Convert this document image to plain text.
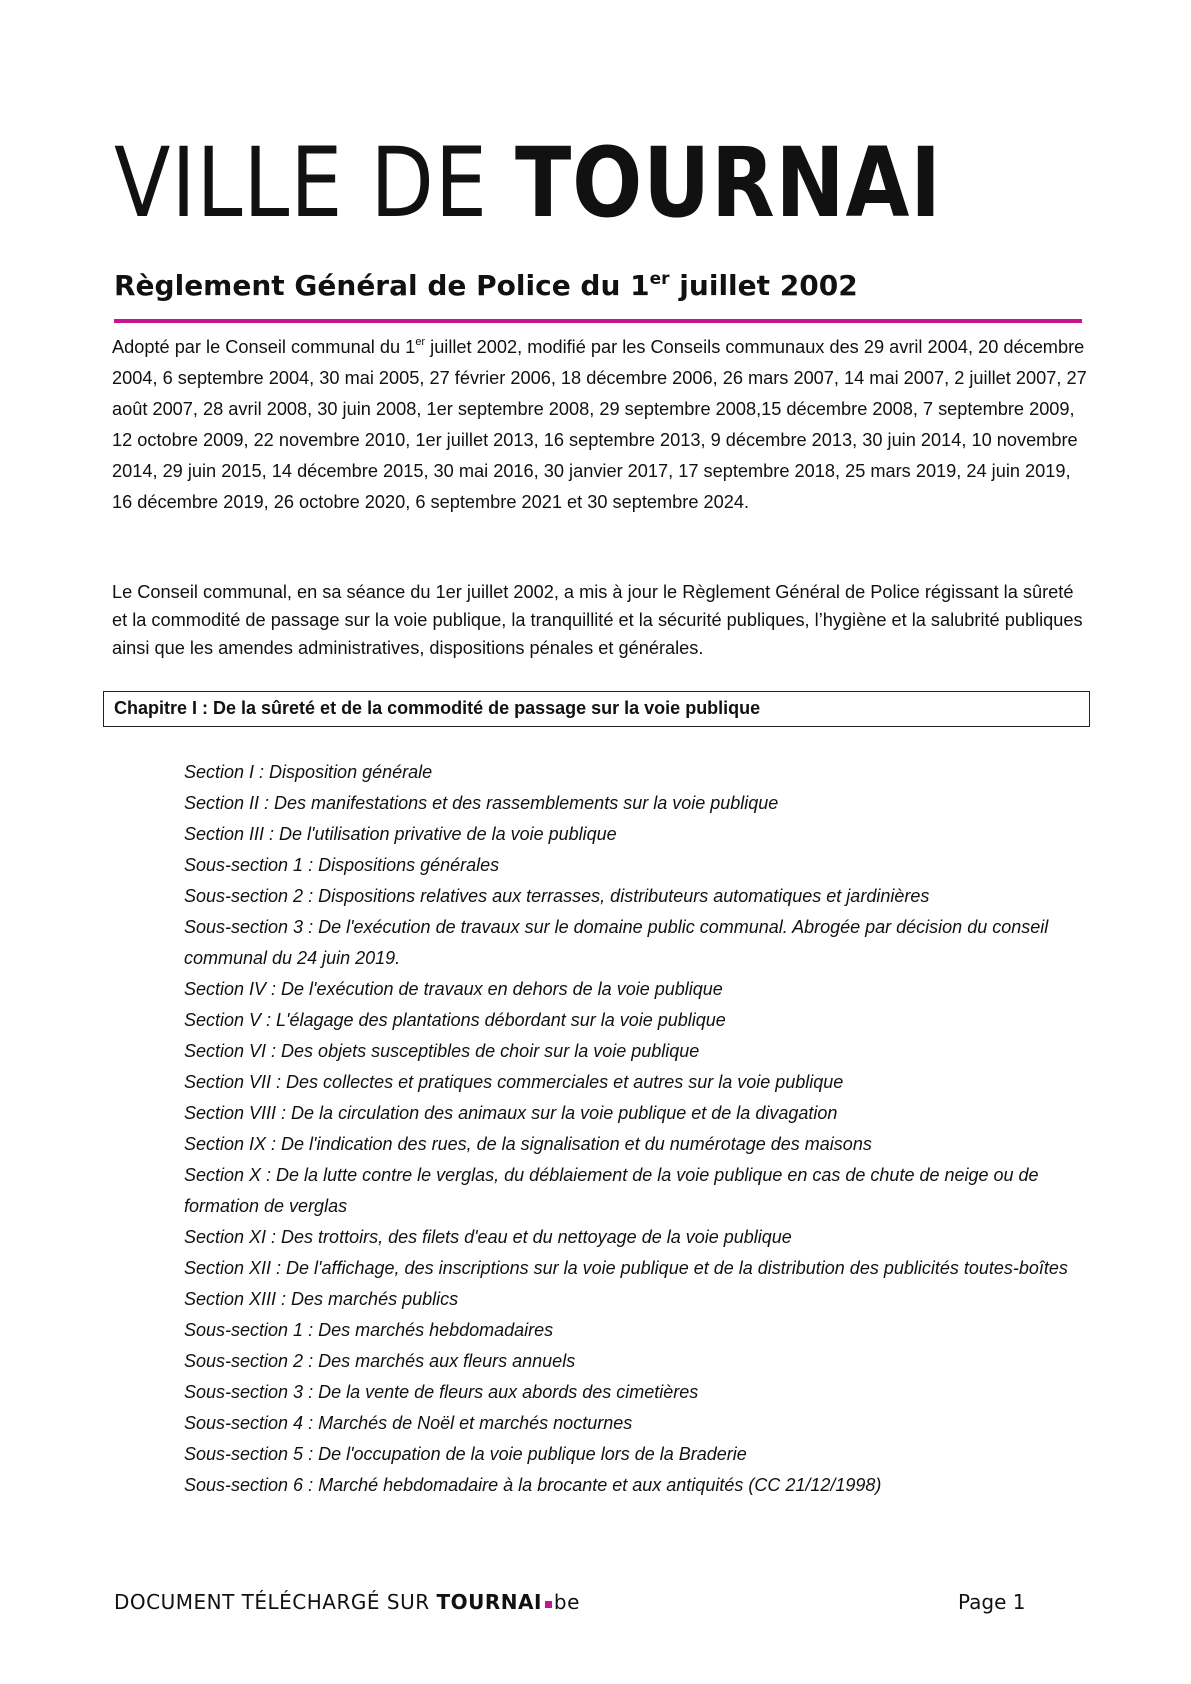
VILLE DE TOURNAI
Règlement Général de Police du 1er juillet 2002

Adopté par le Conseil communal du 1er juillet 2002, modifié par les Conseils communaux des 29 avril 2004, 20 décembre 2004, 6 septembre 2004, 30 mai 2005, 27 février 2006, 18 décembre 2006, 26 mars 2007, 14 mai 2007, 2 juillet 2007, 27 août 2007, 28 avril 2008, 30 juin 2008, 1er septembre 2008, 29 septembre 2008,15 décembre 2008, 7 septembre 2009, 12 octobre 2009, 22 novembre 2010, 1er juillet 2013, 16 septembre 2013, 9 décembre 2013, 30 juin 2014, 10 novembre 2014, 29 juin 2015, 14 décembre 2015, 30 mai 2016, 30 janvier 2017, 17 septembre 2018, 25 mars 2019, 24 juin 2019, 16 décembre 2019, 26 octobre 2020, 6 septembre 2021 et 30 septembre 2024.

Le Conseil communal, en sa séance du 1er juillet 2002, a mis à jour le Règlement Général de Police régissant la sûreté et la commodité de passage sur la voie publique, la tranquillité et la sécurité publiques, l’hygiène et la salubrité publiques ainsi que les amendes administratives, dispositions pénales et générales.

Chapitre I : De la sûreté et de la commodité de passage sur la voie publique
Section I : Disposition générale
Section II : Des manifestations et des rassemblements sur la voie publique
Section III : De l'utilisation privative de la voie publique
Sous-section 1 : Dispositions générales
Sous-section 2 : Dispositions relatives aux terrasses, distributeurs automatiques et jardinières
Sous-section 3 : De l'exécution de travaux sur le domaine public communal. Abrogée par décision du conseil communal du 24 juin 2019.
Section IV : De l'exécution de travaux en dehors de la voie publique
Section V : L'élagage des plantations débordant sur la voie publique
Section VI : Des objets susceptibles de choir sur la voie publique
Section VII : Des collectes et pratiques commerciales et autres sur la voie publique
Section VIII : De la circulation des animaux sur la voie publique et de la divagation
Section IX : De l'indication des rues, de la signalisation et du numérotage des maisons
Section X : De la lutte contre le verglas, du déblaiement de la voie publique en cas de chute de neige ou de formation de verglas
Section XI : Des trottoirs, des filets d'eau et du nettoyage de la voie publique
Section XII : De l'affichage, des inscriptions sur la voie publique et de la distribution des publicités toutes-boîtes
Section XIII : Des marchés publics
Sous-section 1 : Des marchés hebdomadaires
Sous-section 2 : Des marchés aux fleurs annuels
Sous-section 3 : De la vente de fleurs aux abords des cimetières
Sous-section 4 : Marchés de Noël et marchés nocturnes
Sous-section 5 : De l'occupation de la voie publique lors de la Braderie
Sous-section 6 : Marché hebdomadaire à la brocante et aux antiquités (CC 21/12/1998)
DOCUMENT TÉLÉCHARGÉ SUR TOURNAI be	Page 1
